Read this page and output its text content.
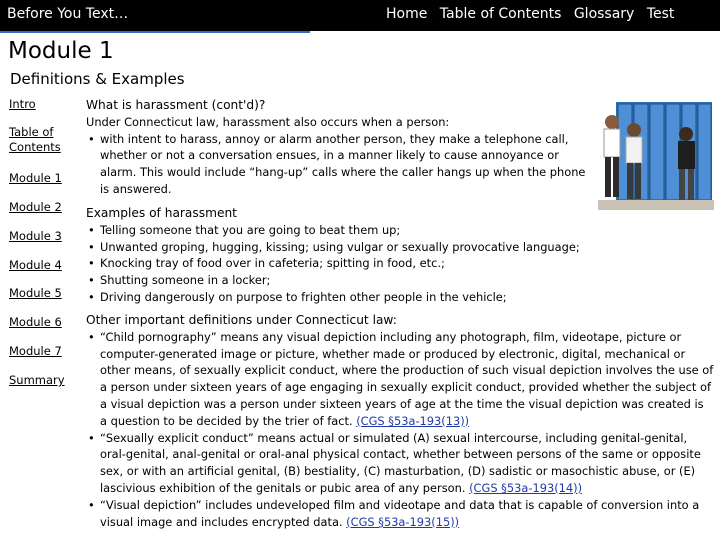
Before You Text…	Home Table of Contents Glossary Test
Module 1
Definitions & Examples
Intro
Table of Contents
Module 1
Module 2
Module 3
Module 4
Module 5
Module 6
Module 7
Summary
What is harassment (cont'd)?
Under Connecticut law, harassment also occurs when a person:
• with intent to harass, annoy or alarm another person, they make a telephone call, whether or not a conversation ensues, in a manner likely to cause annoyance or alarm. This would include “hang-up” calls where the caller hangs up when the phone is answered.
Examples of harassment
• Telling someone that you are going to beat them up;
• Unwanted groping, hugging, kissing; using vulgar or sexually provocative language;
• Knocking tray of food over in cafeteria; spitting in food, etc.;
• Shutting someone in a locker;
• Driving dangerously on purpose to frighten other people in the vehicle;
Other important definitions under Connecticut law:
• “Child pornography” means any visual depiction including any photograph, film, videotape, picture or computer-generated image or picture, whether made or produced by electronic, digital, mechanical or other means, of sexually explicit conduct, where the production of such visual depiction involves the use of a person under sixteen years of age engaging in sexually explicit conduct, provided whether the subject of a visual depiction was a person under sixteen years of age at the time the visual depiction was created is a question to be decided by the trier of fact. (CGS §53a-193(13))
• “Sexually explicit conduct” means actual or simulated (A) sexual intercourse, including genital-genital, oral-genital, anal-genital or oral-anal physical contact, whether between persons of the same or opposite sex, or with an artificial genital, (B) bestiality, (C) masturbation, (D) sadistic or masochistic abuse, or (E) lascivious exhibition of the genitals or pubic area of any person. (CGS §53a-193(14))
• “Visual depiction” includes undeveloped film and videotape and data that is capable of conversion into a visual image and includes encrypted data. (CGS §53a-193(15))
